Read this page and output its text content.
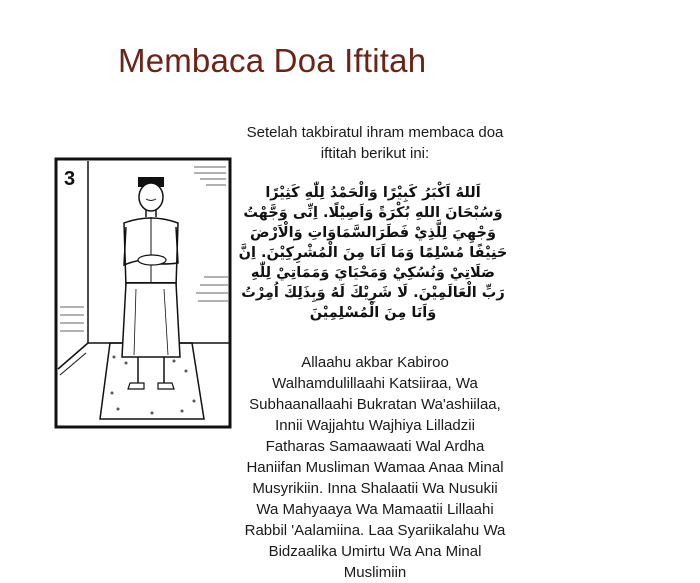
Membaca Doa Iftitah
3
Setelah takbiratul ihram membaca doa iftitah berikut ini:
اَللهُ اَكْبَرُ كَبِيْرًا وَالْحَمْدُ لِلّٰهِ كَثِيْرًا وَسُبْحَانَ اللهِ بُكْرَةً وَاَصِيْلًا. اِنِّى وَجَّهْتُ وَجْهِيَ لِلَّذِيْ فَطَرَالسَّمَاوَاتِ وَالْاَرْضَ حَنِيْفًا مُسْلِمًا وَمَا اَنَا مِنَ الْمُشْرِكِيْنَ. اِنَّ صَلَاتِيْ وَنُسُكِيْ وَمَحْيَايَ وَمَمَاتِيْ لِلّٰهِ رَبِّ الْعَالَمِيْنَ. لَا شَرِيْكَ لَهُ وَبِذَلِكَ اُمِرْتُ وَاَنَا مِنَ الْمُسْلِمِيْنَ
Allaahu akbar Kabiroo Walhamdulillaahi Katsiiraa, Wa Subhaanallaahi Bukratan Wa'ashiilaa, Innii Wajjahtu Wajhiya Lilladzii Fatharas Samaawaati Wal Ardha Haniifan Musliman Wamaa Anaa Minal Musyrikiin. Inna Shalaatii Wa Nusukii Wa Mahyaaya Wa Mamaatii Lillaahi Rabbil 'Aalamiina. Laa Syariikalahu Wa Bidzaalika Umirtu Wa Ana Minal Muslimiin
